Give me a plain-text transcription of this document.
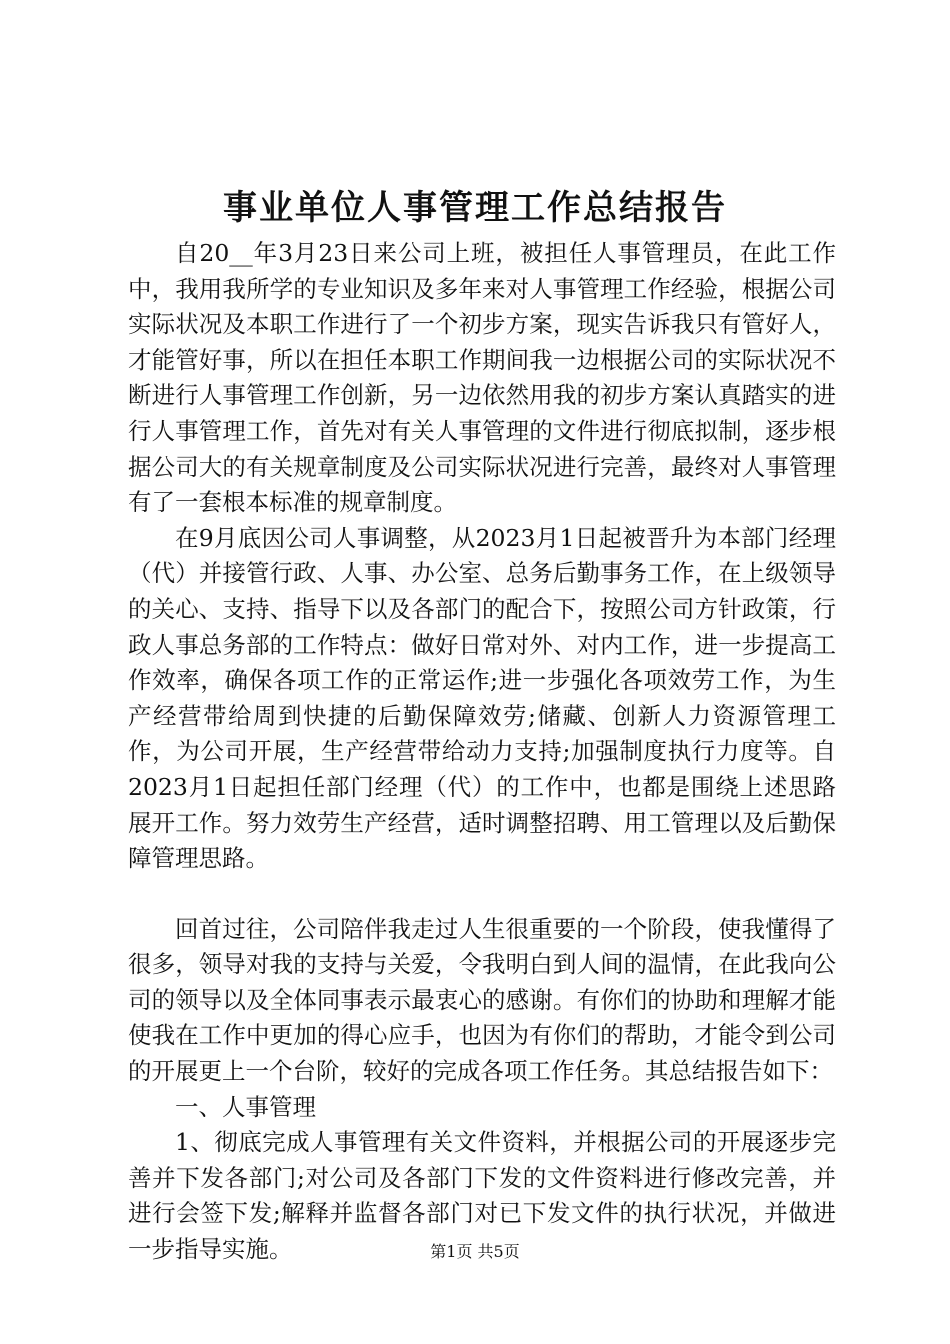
事业单位人事管理工作总结报告

自20__年3月23日来公司上班，被担任人事管理员，在此工作中，我用我所学的专业知识及多年来对人事管理工作经验，根据公司实际状况及本职工作进行了一个初步方案，现实告诉我只有管好人，才能管好事，所以在担任本职工作期间我一边根据公司的实际状况不断进行人事管理工作创新，另一边依然用我的初步方案认真踏实的进行人事管理工作，首先对有关人事管理的文件进行彻底拟制，逐步根据公司大的有关规章制度及公司实际状况进行完善，最终对人事管理有了一套根本标准的规章制度。

在9月底因公司人事调整，从2023月1日起被晋升为本部门经理（代）并接管行政、人事、办公室、总务后勤事务工作，在上级领导的关心、支持、指导下以及各部门的配合下，按照公司方针政策，行政人事总务部的工作特点：做好日常对外、对内工作，进一步提高工作效率，确保各项工作的正常运作;进一步强化各项效劳工作，为生产经营带给周到快捷的后勤保障效劳;储藏、创新人力资源管理工作，为公司开展，生产经营带给动力支持;加强制度执行力度等。自2023月1日起担任部门经理（代）的工作中，也都是围绕上述思路展开工作。努力效劳生产经营，适时调整招聘、用工管理以及后勤保障管理思路。

回首过往，公司陪伴我走过人生很重要的一个阶段，使我懂得了很多，领导对我的支持与关爱，令我明白到人间的温情，在此我向公司的领导以及全体同事表示最衷心的感谢。有你们的协助和理解才能使我在工作中更加的得心应手，也因为有你们的帮助，才能令到公司的开展更上一个台阶，较好的完成各项工作任务。其总结报告如下：

一、人事管理

1、彻底完成人事管理有关文件资料，并根据公司的开展逐步完善并下发各部门;对公司及各部门下发的文件资料进行修改完善，并进行会签下发;解释并监督各部门对已下发文件的执行状况，并做进一步指导实施。	第1页 共5页
